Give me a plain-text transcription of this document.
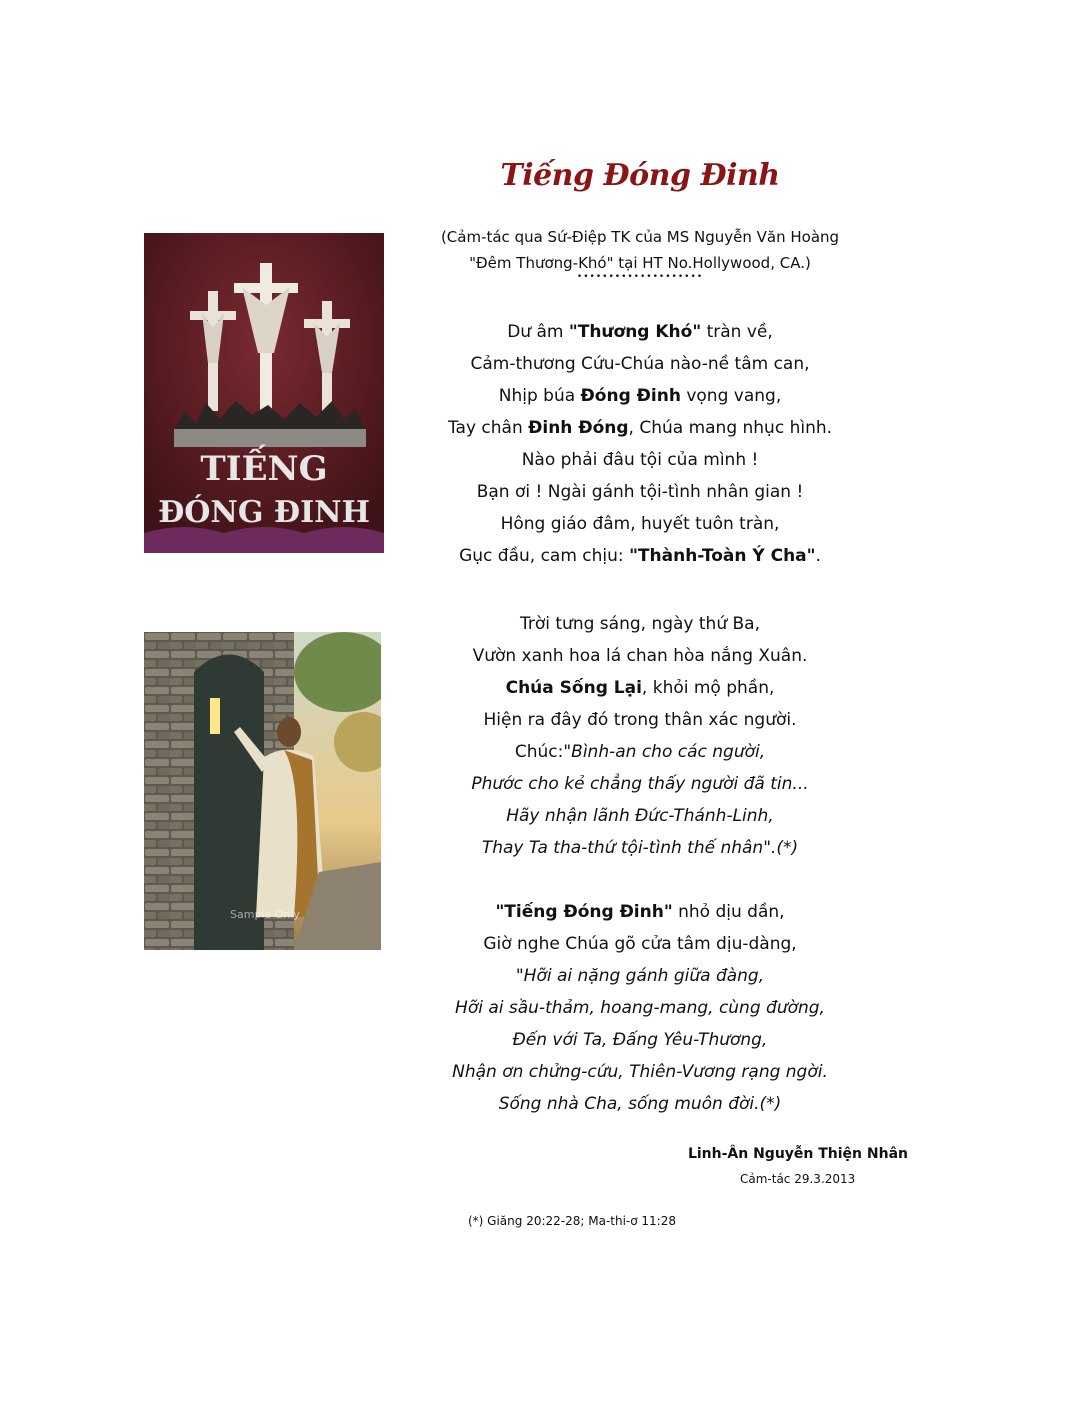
Tiếng Đóng Đinh
(Cảm-tác qua Sứ-Điệp TK của MS Nguyễn Văn Hoàng
"Đêm Thương-Khó" tại HT No.Hollywood, CA.)
••••••••••••••••••••
Dư âm "Thương Khó" tràn về,
Cảm-thương Cứu-Chúa nào-nề tâm can,
Nhịp búa Đóng Đinh vọng vang,
Tay chân Đinh Đóng, Chúa mang nhục hình.
Nào phải đâu tội của mình !
Bạn ơi ! Ngài gánh tội-tình nhân gian !
Hông giáo đâm, huyết tuôn tràn,
Gục đầu, cam chịu: "Thành-Toàn Ý Cha".
Trời tưng sáng, ngày thứ Ba,
Vườn xanh hoa lá chan hòa nắng Xuân.
Chúa Sống Lại, khỏi mộ phần,
Hiện ra đây đó trong thân xác người.
Chúc:"Bình-an cho các người,
Phước cho kẻ chẳng thấy người đã tin...
Hãy nhận lãnh Đức-Thánh-Linh,
Thay Ta tha-thứ tội-tình thế nhân".(*)
"Tiếng Đóng Đinh" nhỏ dịu dần,
Giờ nghe Chúa gõ cửa tâm dịu-dàng,
"Hỡi ai nặng gánh giữa đàng,
Hỡi ai sầu-thảm, hoang-mang, cùng đường,
Đến với Ta, Đấng Yêu-Thương,
Nhận ơn chửng-cứu, Thiên-Vương rạng ngời.
Sống nhà Cha, sống muôn đời.(*)
Linh-Ân Nguyễn Thiện Nhân
Cảm-tác 29.3.2013
(*) Giăng 20:22-28; Ma-thi-ơ 11:28
TIẾNG
ĐÓNG ĐINH
Sample Only
